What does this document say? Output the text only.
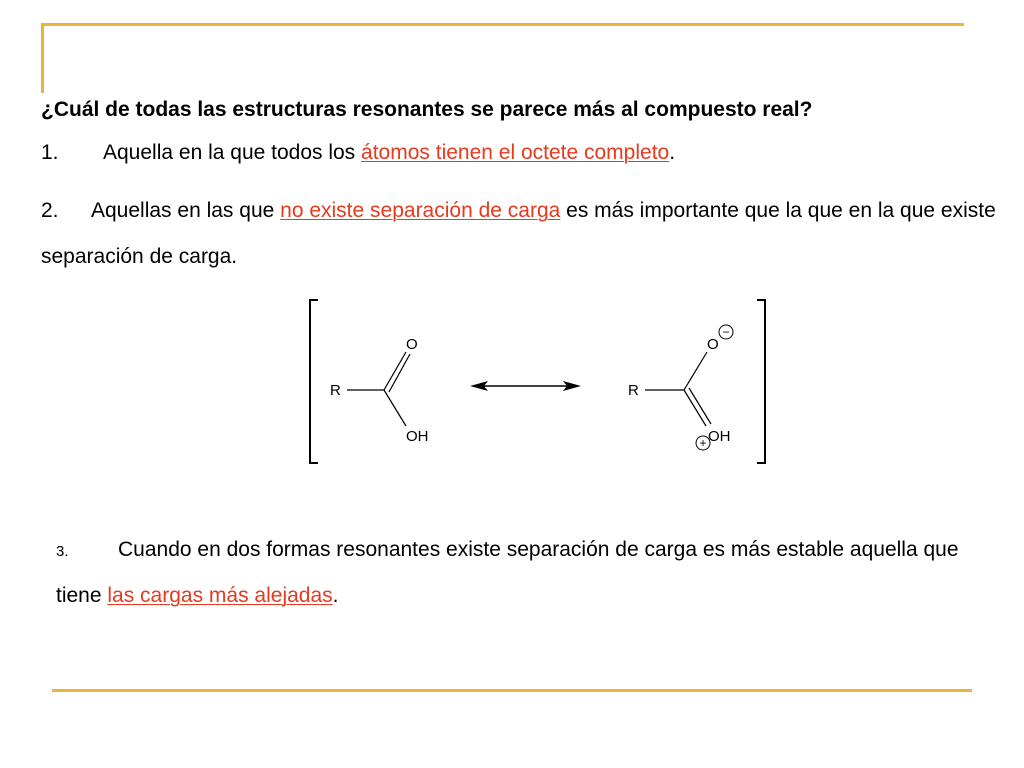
¿Cuál de todas las estructuras resonantes se parece más al compuesto real?

1. Aquella en la que todos los átomos tienen el octete completo.

2. Aquellas en las que no existe separación de carga es más importante que la que en la que existe separación de carga.

R
O
OH
R
O
OH
−
+

3. Cuando en dos formas resonantes existe separación de carga es más estable aquella que tiene las cargas más alejadas.
